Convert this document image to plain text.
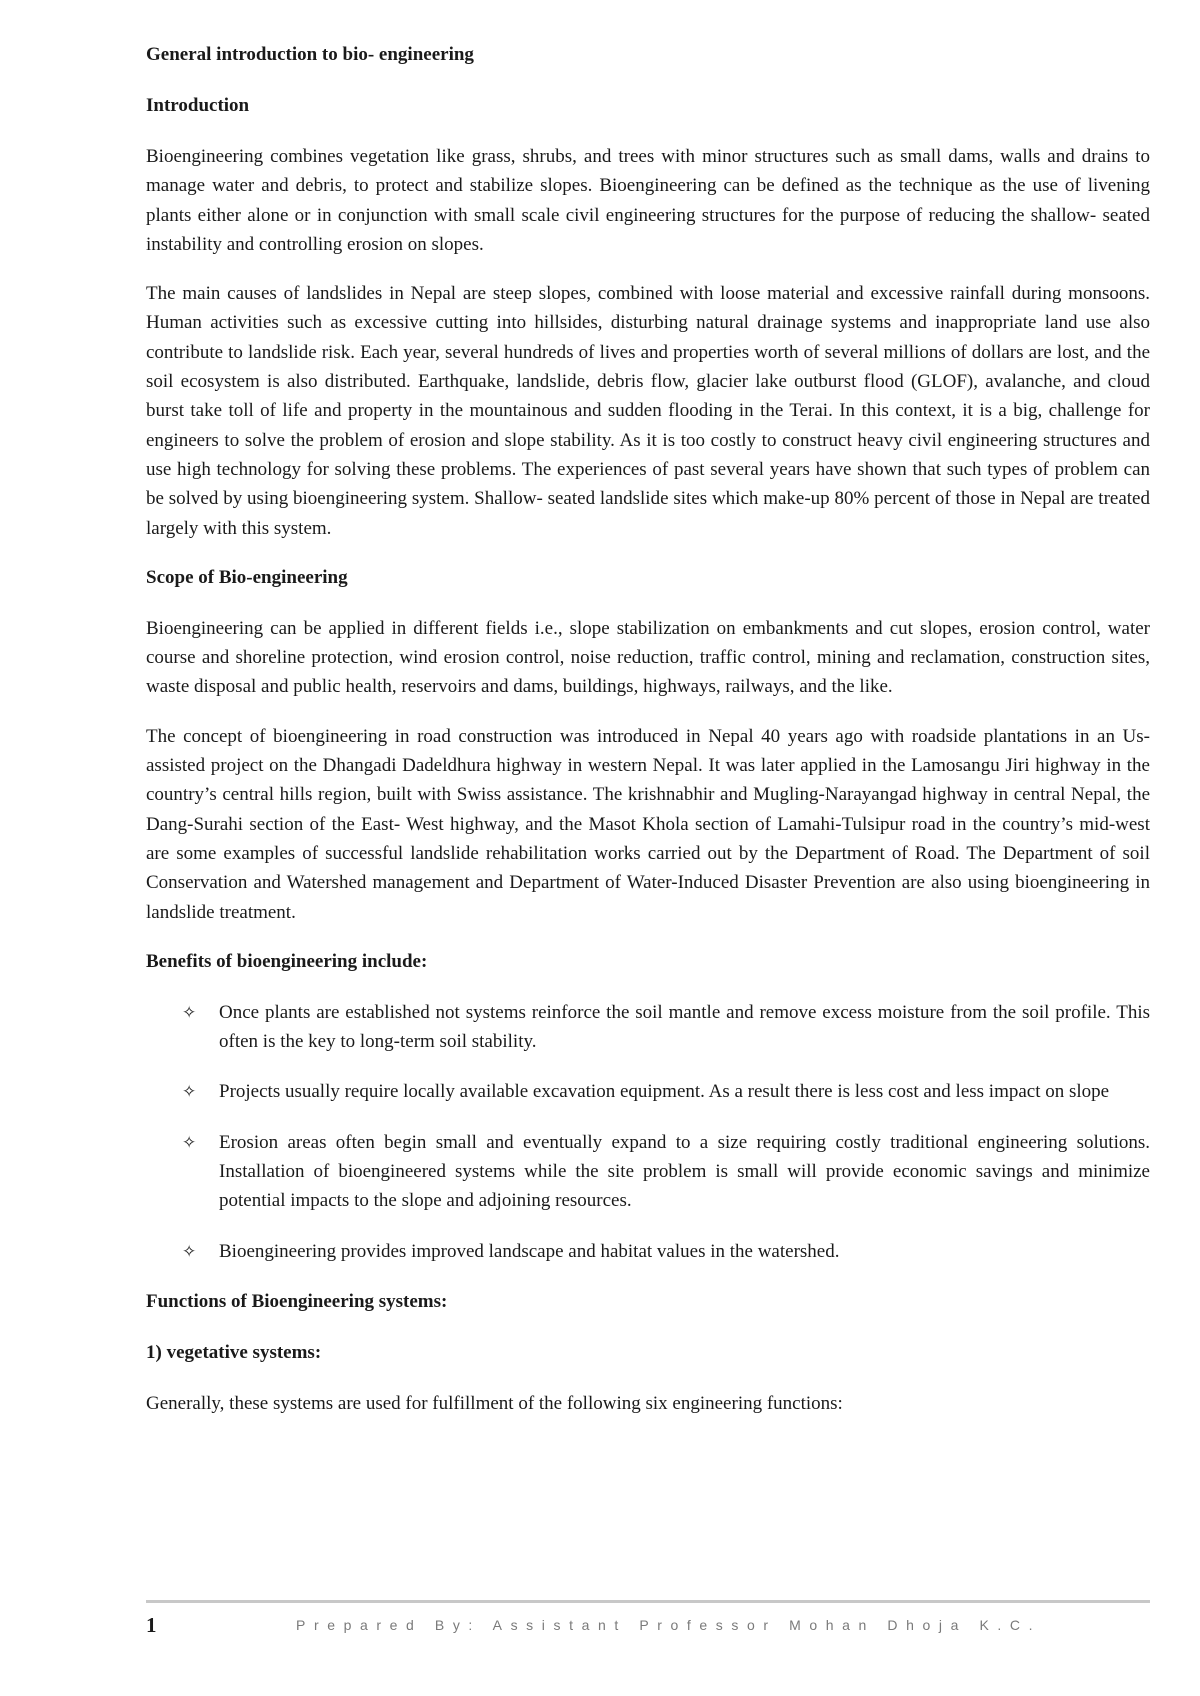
General introduction to bio- engineering
Introduction

Bioengineering combines vegetation like grass, shrubs, and trees with minor structures such as small dams, walls and drains to manage water and debris, to protect and stabilize slopes. Bioengineering can be defined as the technique as the use of livening plants either alone or in conjunction with small scale civil engineering structures for the purpose of reducing the shallow- seated instability and controlling erosion on slopes.

The main causes of landslides in Nepal are steep slopes, combined with loose material and excessive rainfall during monsoons. Human activities such as excessive cutting into hillsides, disturbing natural drainage systems and inappropriate land use also contribute to landslide risk. Each year, several hundreds of lives and properties worth of several millions of dollars are lost, and the soil ecosystem is also distributed. Earthquake, landslide, debris flow, glacier lake outburst flood (GLOF), avalanche, and cloud burst take toll of life and property in the mountainous and sudden flooding in the Terai. In this context, it is a big, challenge for engineers to solve the problem of erosion and slope stability. As it is too costly to construct heavy civil engineering structures and use high technology for solving these problems. The experiences of past several years have shown that such types of problem can be solved by using bioengineering system. Shallow- seated landslide sites which make-up 80% percent of those in Nepal are treated largely with this system.

Scope of Bio-engineering

Bioengineering can be applied in different fields i.e., slope stabilization on embankments and cut slopes, erosion control, water course and shoreline protection, wind erosion control, noise reduction, traffic control, mining and reclamation, construction sites, waste disposal and public health, reservoirs and dams, buildings, highways, railways, and the like.

The concept of bioengineering in road construction was introduced in Nepal 40 years ago with roadside plantations in an Us-assisted project on the Dhangadi Dadeldhura highway in western Nepal. It was later applied in the Lamosangu Jiri highway in the country’s central hills region, built with Swiss assistance. The krishnabhir and Mugling-Narayangad highway in central Nepal, the Dang-Surahi section of the East- West highway, and the Masot Khola section of Lamahi-Tulsipur road in the country’s mid-west are some examples of successful landslide rehabilitation works carried out by the Department of Road. The Department of soil Conservation and Watershed management and Department of Water-Induced Disaster Prevention are also using bioengineering in landslide treatment.

Benefits of bioengineering include:
✧ Once plants are established not systems reinforce the soil mantle and remove excess moisture from the soil profile. This often is the key to long-term soil stability.
✧ Projects usually require locally available excavation equipment. As a result there is less cost and less impact on slope
✧ Erosion areas often begin small and eventually expand to a size requiring costly traditional engineering solutions. Installation of bioengineered systems while the site problem is small will provide economic savings and minimize potential impacts to the slope and adjoining resources.
✧ Bioengineering provides improved landscape and habitat values in the watershed.
Functions of Bioengineering systems:
1) vegetative systems:

Generally, these systems are used for fulfillment of the following six engineering functions:

1	Prepared By: Assistant Professor Mohan Dhoja K.C.
